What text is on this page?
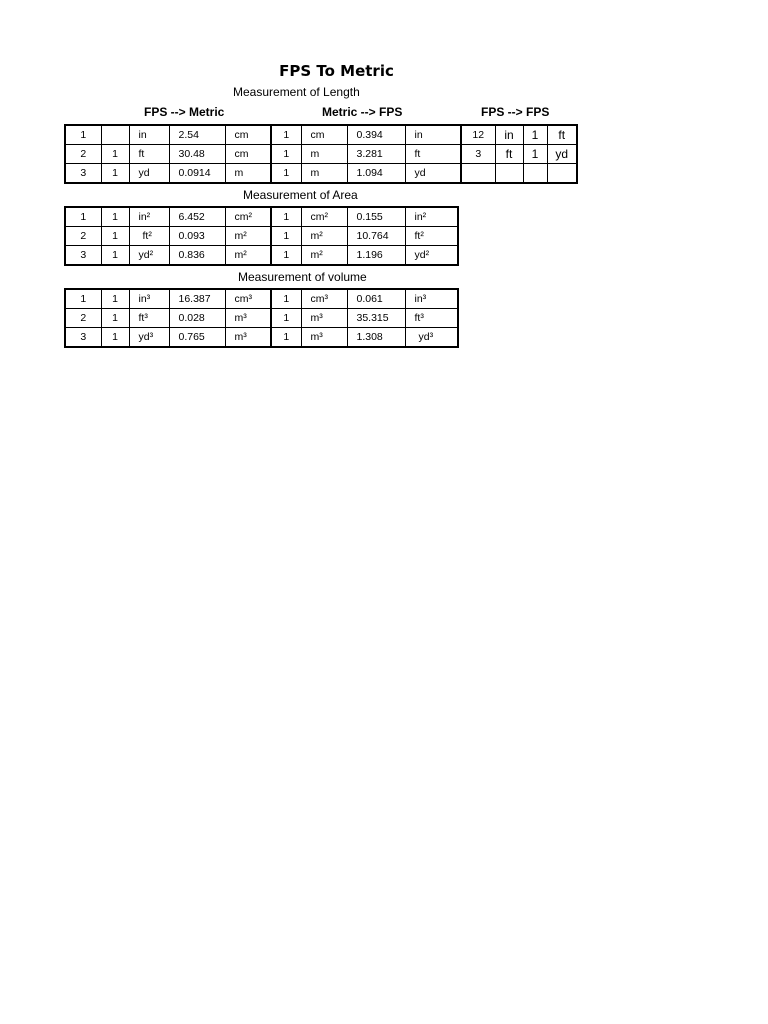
FPS To Metric
Measurement of Length
FPS --> Metric	Metric --> FPS	FPS --> FPS
1		in	2.54	cm	1	cm	0.394	in	12	in	1	ft
2	1	ft	30.48	cm	1	m	3.281	ft	3	ft	1	yd
3	1	yd	0.0914	m	1	m	1.094	yd				
Measurement of Area
1	1	in²	6.452	cm²	1	cm²	0.155	in²
2	1	ft²	0.093	m²	1	m²	10.764	ft²
3	1	yd²	0.836	m²	1	m²	1.196	yd²
Measurement of volume
1	1	in³	16.387	cm³	1	cm³	0.061	in³
2	1	ft³	0.028	m³	1	m³	35.315	ft³
3	1	yd³	0.765	m³	1	m³	1.308	yd³
